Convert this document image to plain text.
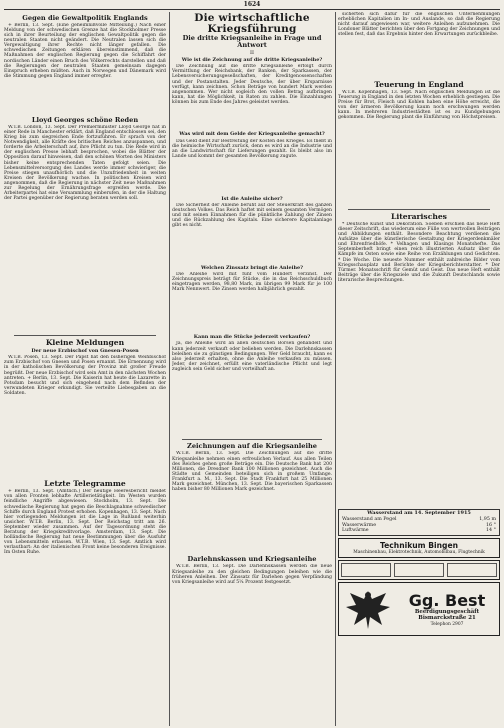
1624
Gegen die Gewaltpolitik Englands

+ Berlin, 13. Sept. (Eine geheimnißvolle Mitteilung.) Nach einer Meldung von der schwedischen Grenze hat die Stockholmer Presse sich in ihrer Beurteilung der englischen Gewaltpolitik gegen die neutralen Staaten nicht geändert. Die Neutralen lassen sich die Vergewaltigung ihrer Rechte nicht länger gefallen. Die schwedischen Zeitungen erklären übereinstimmend, daß die Maßnahmen der englischen Regierung gegen die Schiffahrt der nordischen Länder einen Bruch des Völkerrechts darstellen und daß die Regierungen der neutralen Staaten gemeinsam dagegen Einspruch erheben müßten. Auch in Norwegen und Dänemark wird die Stimmung gegen England immer erregter.

Lloyd Georges schöne Reden

W.T.B. London, 13. Sept. Der Premierminister Lloyd George hat in einer Rede in Manchester erklärt, daß England entschlossen sei, den Krieg bis zum siegreichen Ende fortzuführen. Er sprach von der Notwendigkeit, alle Kräfte des britischen Reiches anzuspannen, und forderte die Arbeiterschaft auf, ihre Pflicht zu tun. Die Rede wird in der englischen Presse lebhaft besprochen, wobei die Blätter der Opposition darauf hinweisen, daß den schönen Worten des Ministers bisher keine entsprechenden Taten gefolgt seien. Die Lebensmittelversorgung des Landes werde immer schwieriger, die Preise stiegen unaufhörlich und die Unzufriedenheit in weiten Kreisen der Bevölkerung wachse. In politischen Kreisen wird angenommen, daß die Regierung in nächster Zeit neue Maßnahmen zur Regelung der Ernährungsfrage ergreifen werde. Die Arbeiterpartei hat eine Versammlung einberufen, in der die Haltung der Partei gegenüber der Regierung beraten werden soll.

Kleine Meldungen
Der neue Erzbischof von Gnesen-Posen

W.T.B. Posen, 13. Sept. Der Papst hat den bisherigen Weihbischof zum Erzbischof von Gnesen und Posen ernannt. Die Ernennung wird in der katholischen Bevölkerung der Provinz mit großer Freude begrüßt. Der neue Erzbischof wird sein Amt in den nächsten Wochen antreten. + Berlin, 13. Sept. Die Kaiserin hat heute die Lazarette in Potsdam besucht und sich eingehend nach dem Befinden der verwundeten Krieger erkundigt. Sie verteilte Liebesgaben an die Soldaten.

Letzte Telegramme

+ Berlin, 13. Sept. (Amtlich.) Der heutige Heeresbericht meldet von allen Fronten lebhafte Artillerietätigkeit. Im Westen wurden feindliche Angriffe abgewiesen. Stockholm, 13. Sept. Die schwedische Regierung hat gegen die Beschlagnahme schwedischer Schiffe durch England Protest erhoben. Kopenhagen, 13. Sept. Nach hier vorliegenden Meldungen ist die Lage in Rußland weiterhin unsicher. W.T.B. Berlin, 13. Sept. Der Reichstag tritt am 26. September wieder zusammen. Auf der Tagesordnung steht die Beratung der Kriegskreditvorlage. Amsterdam, 13. Sept. Die holländische Regierung hat neue Bestimmungen über die Ausfuhr von Lebensmitteln erlassen. W.T.B. Wien, 13. Sept. Amtlich wird verlautbart: An der italienischen Front keine besonderen Ereignisse. Im Osten Ruhe.

Die wirtschaftliche Kriegsführung
Die dritte Kriegsanleihe in Frage und Antwort
II
Wie ist die Zeichnung auf die dritte Kriegsanleihe?

Die Zeichnung auf die dritte Kriegsanleihe erfolgt durch Vermittlung der Reichsbank, der Banken, der Sparkassen, der Lebensversicherungsgesellschaften, der Kreditgenossenschaften und der Postanstalten. Jeder Deutsche, der über Ersparnisse verfügt, kann zeichnen. Schon Beträge von hundert Mark werden angenommen. Wer nicht sogleich den vollen Betrag aufbringen kann, hat die Möglichkeit, in Raten zu zahlen. Die Einzahlungen können bis zum Ende des Jahres geleistet werden.

Was wird mit dem Gelde der Kriegsanleihe gemacht?

Das Geld dient zur Bestreitung der Kosten des Krieges. Es fließt in die heimische Wirtschaft zurück, denn es wird an die Industrie und an die Landwirtschaft für Lieferungen gezahlt. Es bleibt also im Lande und kommt der gesamten Bevölkerung zugute.

Ist die Anleihe sicher?

Die Sicherheit der Anleihe beruht auf der Steuerkraft des ganzen deutschen Volkes. Das Reich haftet mit seinem gesamten Vermögen und mit seinen Einnahmen für die pünktliche Zahlung der Zinsen und die Rückzahlung des Kapitals. Eine sicherere Kapitalanlage gibt es nicht.

Welchen Zinssatz bringt die Anleihe?

Die Anleihe wird mit fünf vom Hundert verzinst. Der Zeichnungspreis beträgt für Stücke, die in das Reichsschuldbuch eingetragen werden, 98,80 Mark, im übrigen 99 Mark für je 100 Mark Nennwert. Die Zinsen werden halbjährlich gezahlt.

Kann man die Stücke jederzeit verkaufen?

Ja, die Anleihe wird an allen deutschen Börsen gehandelt und kann jederzeit verkauft oder beliehen werden. Die Darlehnskassen beleihen sie zu günstigen Bedingungen. Wer Geld braucht, kann es also jederzeit erhalten, ohne die Anleihe verkaufen zu müssen. Jeder, der zeichnet, erfüllt eine vaterländische Pflicht und legt zugleich sein Geld sicher und vorteilhaft an.

Zeichnungen auf die Kriegsanleihe

W.T.B. Berlin, 13. Sept. Die Zeichnungen auf die dritte Kriegsanleihe nehmen einen erfreulichen Verlauf. Aus allen Teilen des Reiches gehen große Beträge ein. Die Deutsche Bank hat 200 Millionen, die Dresdner Bank 100 Millionen gezeichnet. Auch die Städte und Gemeinden beteiligen sich in großem Umfange. Frankfurt a. M., 13. Sept. Die Stadt Frankfurt hat 25 Millionen Mark gezeichnet. München, 13. Sept. Die bayerischen Sparkassen haben bisher 80 Millionen Mark gezeichnet.

Darlehnskassen und Kriegsanleihe

W.T.B. Berlin, 13. Sept. Die Darlehnskassen werden die neue Kriegsanleihe zu den gleichen Bedingungen beleihen wie die früheren Anleihen. Der Zinssatz für Darlehen gegen Verpfändung von Kriegsanleihe wird auf 5¼ Prozent festgesetzt.

sicherten sich dafür für die englischen Unternehmungen erheblichen Kapitalien im In- und Auslande, so daß die Regierung nicht darauf angewiesen war, weitere Anleihen aufzunehmen. Die Londoner Blätter berichten über den Fortgang der Zeichnungen und stellen fest, daß das Ergebnis hinter den Erwartungen zurückbleibe.

Teuerung in England

W.T.B. Kopenhagen, 13. Sept. Nach englischen Meldungen ist die Teuerung in England in den letzten Wochen erheblich gestiegen. Die Preise für Brot, Fleisch und Kohlen haben eine Höhe erreicht, die von der ärmeren Bevölkerung kaum noch erschwungen werden kann. In mehreren Industriestädten ist es zu Kundgebungen gekommen. Die Regierung plant die Einführung von Höchstpreisen.

Literarisches

* Deutsche Kunst und Dekoration. Soeben erschien das neue Heft dieser Zeitschrift, das wiederum eine Fülle von wertvollen Beiträgen und Abbildungen enthält. Besondere Beachtung verdienen die Aufsätze über die künstlerische Gestaltung der Kriegerdenkmäler und Ehrenfriedhöfe. * Velhagen und Klasings Monatshefte. Das Septemberheft bringt einen reich illustrierten Aufsatz über die Kämpfe im Osten sowie eine Reihe von Erzählungen und Gedichten. * Die Woche. Die neueste Nummer enthält zahlreiche Bilder vom Kriegsschauplatz und Berichte der Kriegsberichterstatter. * Der Türmer. Monatsschrift für Gemüt und Geist. Das neue Heft enthält Beiträge über die Kriegsziele und die Zukunft Deutschlands sowie literarische Besprechungen.

Wasserstand am 14. September 1915
Wasserstand am Pegel	1,95 m
Wasserwärme	16 °
Luftwärme	14 °
Technikum Bingen
Maschinenbau, Elektrotechnik, Automobilbau, Flugtechnik
Gg. Best
Beerdigungsgeschäft
Bismarckstraße 21
Telephon 2907
